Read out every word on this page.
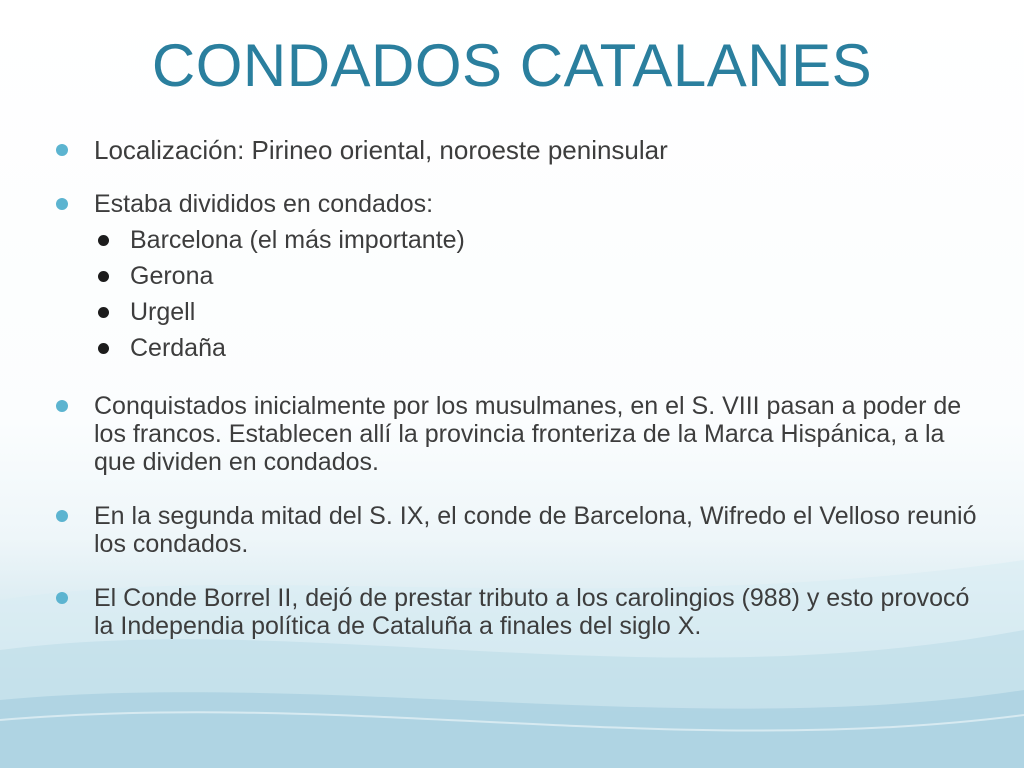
CONDADOS CATALANES
Localización: Pirineo oriental, noroeste peninsular
Estaba divididos en condados:
Barcelona (el más importante)
Gerona
Urgell
Cerdaña
Conquistados inicialmente por los musulmanes, en el S. VIII pasan a poder de los francos. Establecen allí la provincia fronteriza de la Marca Hispánica, a la que dividen en condados.
En la segunda mitad del S. IX, el conde de Barcelona, Wifredo el Velloso reunió los condados.
El Conde Borrel II, dejó de prestar tributo a los carolingios (988) y esto provocó la Independia política de Cataluña a finales del siglo X.
